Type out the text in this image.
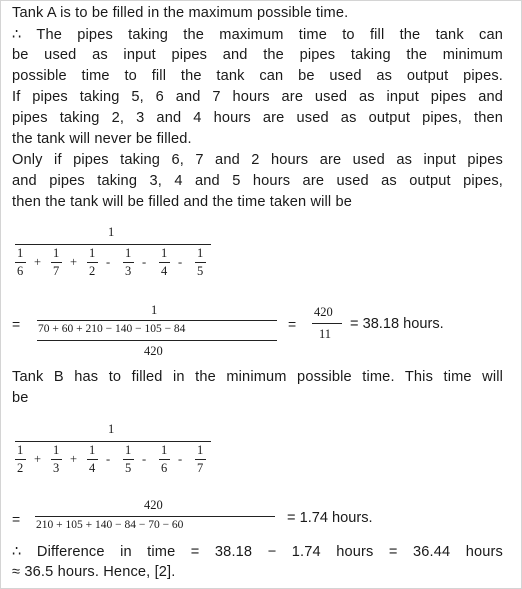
Tank A is to be filled in the maximum possible time.
∴ The pipes taking the maximum time to fill the tank can
be used as input pipes and the pipes taking the minimum
possible time to fill the tank can be used as output pipes.
If pipes taking 5, 6 and 7 hours are used as input pipes and
pipes taking 2, 3 and 4 hours are used as output pipes, then
the tank will never be filled.
Only if pipes taking 6, 7 and 2 hours are used as input pipes
and pipes taking 3, 4 and 5 hours are used as output pipes,
then the tank will be filled and the time taken will be
1
1
6
+
1
7
+
1
2
-
1
3
-
1
4
-
1
5
=
1
70 + 60 + 210 − 140 − 105 − 84
420
=
420
11
= 38.18 hours.
Tank B has to filled in the minimum possible time. This time will
be
1
1
2
+
1
3
+
1
4
-
1
5
-
1
6
-
1
7
=
420
210 + 105 + 140 − 84 − 70 − 60	= 1.74 hours.
∴ Difference in time = 38.18 − 1.74 hours = 36.44 hours
≈ 36.5 hours. Hence, [2].
